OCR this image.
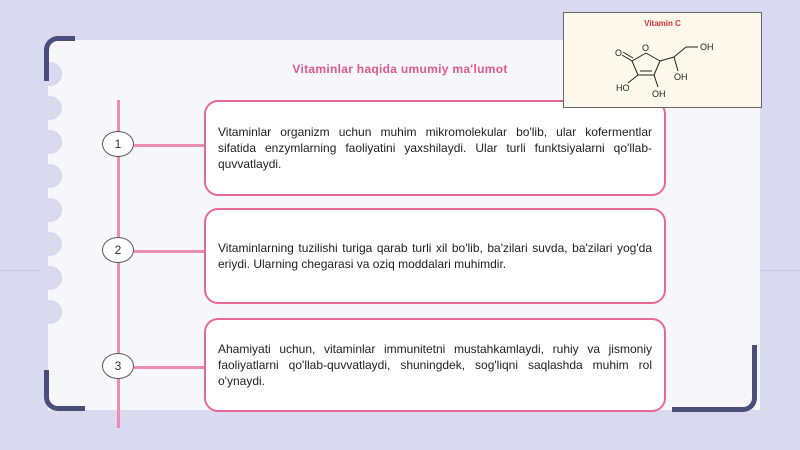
Vitaminlar haqida umumiy ma'lumot
1

Vitaminlar organizm uchun muhim mikromolekular bo'lib, ular kofermentlar sifatida enzymlarning faoliyatini yaxshilaydi. Ular turli funktsiyalarni qo'llab-quvvatlaydi.

2	Vitaminlarning tuzilishi turiga qarab turli xil bo'lib, ba'zilari suvda, ba'zilari yog'da eriydi. Ularning chegarasi va oziq moddalari muhimdir.

3

Ahamiyati uchun, vitaminlar immunitetni mustahkamlaydi, ruhiy va jismoniy faoliyatlarni qo'llab-quvvatlaydi, shuningdek, sog'liqni saqlashda muhim rol o'ynaydi.

Vitamin C
O O
HO
OH
OH
OH
